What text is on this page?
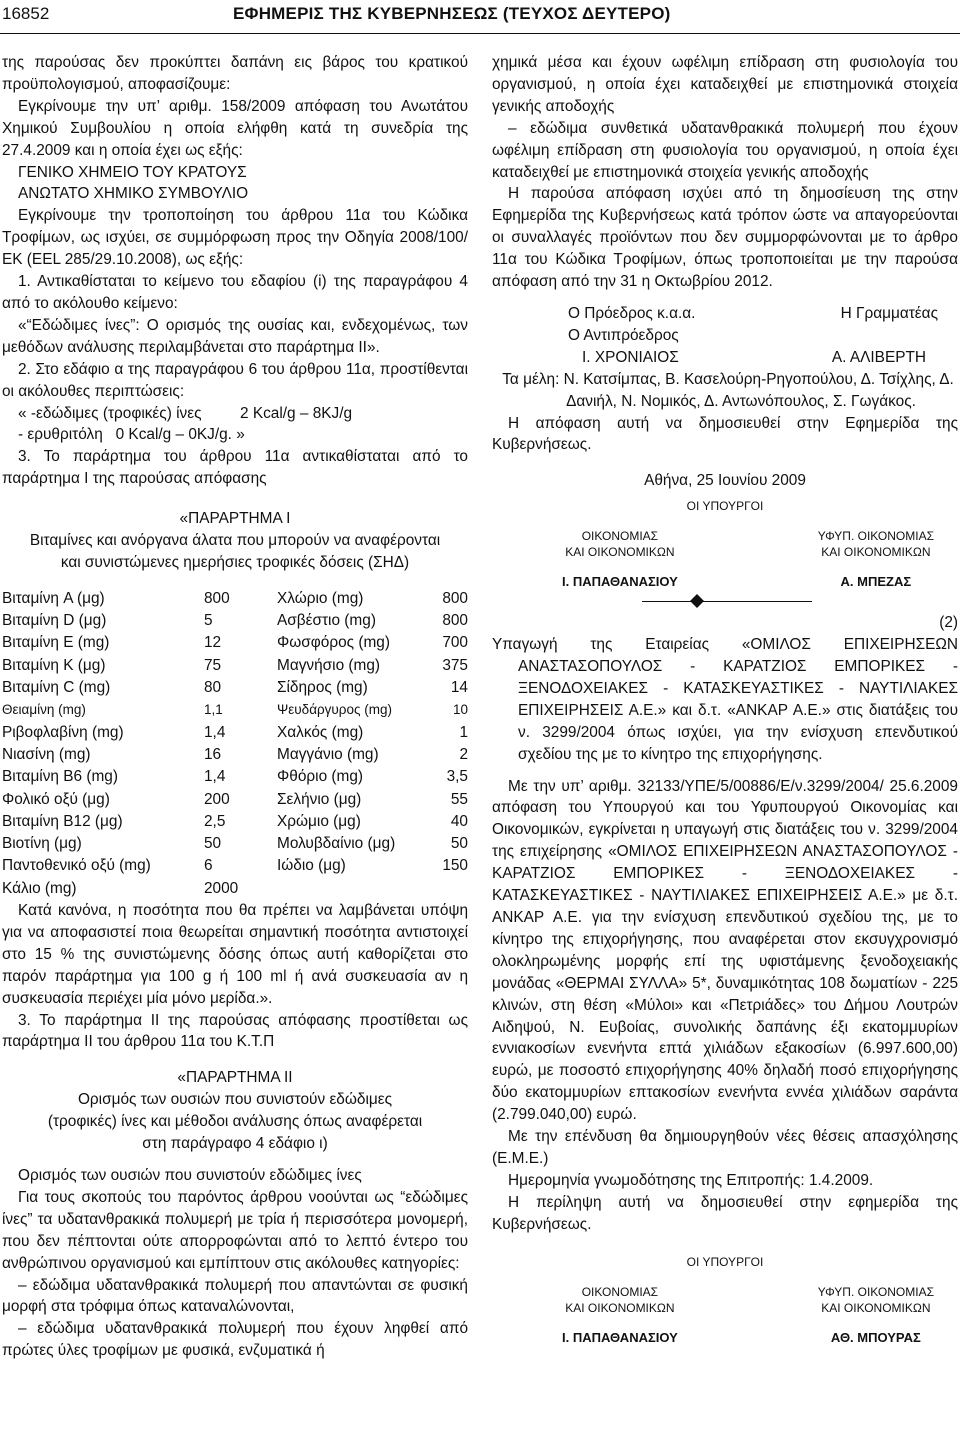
16852	ΕΦΗΜΕΡΙΣ ΤΗΣ ΚΥΒΕΡΝΗΣΕΩΣ (ΤΕΥΧΟΣ ΔΕΥΤΕΡΟ)

της παρούσας δεν προκύπτει δαπάνη εις βάρος του κρατικού προϋπολογισμού, αποφασίζουμε:

Εγκρίνουμε την υπ’ αριθμ. 158/2009 απόφαση του Ανωτάτου Χημικού Συμβουλίου η οποία ελήφθη κατά τη συνεδρία της 27.4.2009 και η οποία έχει ως εξής:

ΓΕΝΙΚΟ ΧΗΜΕΙΟ ΤΟΥ ΚΡΑΤΟΥΣ

ΑΝΩΤΑΤΟ ΧΗΜΙΚΟ ΣΥΜΒΟΥΛΙΟ

Εγκρίνουμε την τροποποίηση του άρθρου 11α του Κώδικα Τροφίμων, ως ισχύει, σε συμμόρφωση προς την Οδηγία 2008/100/ΕΚ (EEL 285/29.10.2008), ως εξής:

1. Αντικαθίσταται το κείμενο του εδαφίου (i) της παραγράφου 4 από το ακόλουθο κείμενο:

«“Εδώδιμες ίνες”: Ο ορισμός της ουσίας και, ενδεχομένως, των μεθόδων ανάλυσης περιλαμβάνεται στο παράρτημα ΙΙ».

2. Στο εδάφιο α της παραγράφου 6 του άρθρου 11α, προστίθενται οι ακόλουθες περιπτώσεις:

« -εδώδιμες (τροφικές) ίνες         2 Kcal/g – 8KJ/g

- ερυθριτόλη   0 Kcal/g – 0KJ/g. »

3. Το παράρτημα του άρθρου 11α αντικαθίσταται από το παράρτημα Ι της παρούσας απόφασης

«ΠΑΡΑΡΤΗΜΑ Ι

Βιταμίνες και ανόργανα άλατα που μπορούν να αναφέρονται και συνιστώμενες ημερήσιες τροφικές δόσεις (ΣΗΔ)

Βιταμίνη A (μg)	800	Χλώριο (mg)	800
Βιταμίνη D (μg)	5	Ασβέστιο (mg)	800
Βιταμίνη Ε (mg)	12	Φωσφόρος (mg)	700
Βιταμίνη Κ (μg)	75	Μαγνήσιο (mg)	375
Βιταμίνη C (mg)	80	Σίδηρος (mg)	14
Θειαμίνη (mg)	1,1	Ψευδάργυρος (mg)	10
Ριβοφλαβίνη (mg)	1,4	Χαλκός (mg)	1
Νιασίνη (mg)	16	Μαγγάνιο (mg)	2
Βιταμίνη Β6 (mg)	1,4	Φθόριο (mg)	3,5
Φολικό οξύ (μg)	200	Σελήνιο (μg)	55
Βιταμίνη Β12 (μg)	2,5	Χρώμιο (μg)	40
Βιοτίνη (μg)	50	Μολυβδαίνιο (μg)	50
Παντοθενικό οξύ (mg)	6	Ιώδιο (μg)	150
Κάλιο (mg)	2000		

Κατά κανόνα, η ποσότητα που θα πρέπει να λαμβάνεται υπόψη για να αποφασιστεί ποια θεωρείται σημαντική ποσότητα αντιστοιχεί στο 15 % της συνιστώμενης δόσης όπως αυτή καθορίζεται στο παρόν παράρτημα για 100 g ή 100 ml ή ανά συσκευασία αν η συσκευασία περιέχει μία μόνο μερίδα.».

3. Το παράρτημα ΙΙ της παρούσας απόφασης προστίθεται ως παράρτημα ΙΙ του άρθρου 11α του Κ.Τ.Π

«ΠΑΡΑΡΤΗΜΑ ΙΙ

Ορισμός των ουσιών που συνιστούν εδώδιμες (τροφικές) ίνες και μέθοδοι ανάλυσης όπως αναφέρεται στη παράγραφο 4 εδάφιο ι)

Ορισμός των ουσιών που συνιστούν εδώδιμες ίνες

Για τους σκοπούς του παρόντος άρθρου νοούνται ως “εδώδιμες ίνες” τα υδατανθρακικά πολυμερή με τρία ή περισσότερα μονομερή, που δεν πέπτονται ούτε απορροφώνται από το λεπτό έντερο του ανθρώπινου οργανισμού και εμπίπτουν στις ακόλουθες κατηγορίες:

– εδώδιμα υδατανθρακικά πολυμερή που απαντώνται σε φυσική μορφή στα τρόφιμα όπως καταναλώνονται,

– εδώδιμα υδατανθρακικά πολυμερή που έχουν ληφθεί από πρώτες ύλες τροφίμων με φυσικά, ενζυματικά ή

χημικά μέσα και έχουν ωφέλιμη επίδραση στη φυσιολογία του οργανισμού, η οποία έχει καταδειχθεί με επιστημονικά στοιχεία γενικής αποδοχής

– εδώδιμα συνθετικά υδατανθρακικά πολυμερή που έχουν ωφέλιμη επίδραση στη φυσιολογία του οργανισμού, η οποία έχει καταδειχθεί με επιστημονικά στοιχεία γενικής αποδοχής

Η παρούσα απόφαση ισχύει από τη δημοσίευση της στην Εφημερίδα της Κυβερνήσεως κατά τρόπον ώστε να απαγορεύονται οι συναλλαγές προϊόντων που δεν συμμορφώνονται με το άρθρο 11α του Κώδικα Τροφίμων, όπως τροποποιείται με την παρούσα απόφαση από την 31 η Οκτωβρίου 2012.

Ο Πρόεδρος κ.α.α.	Η Γραμματέας
Ο Αντιπρόεδρος
Ι. ΧΡΟΝΙΑΙΟΣ	Α. ΑΛΙΒΕΡΤΗ

Τα μέλη: Ν. Κατσίμπας, Β. Κασελούρη-Ρηγοπούλου, Δ. Τσίχλης, Δ. Δανιήλ, Ν. Νομικός, Δ. Αντωνόπουλος, Σ. Γωγάκος.

Η απόφαση αυτή να δημοσιευθεί στην Εφημερίδα της Κυβερνήσεως.

Αθήνα, 25 Ιουνίου 2009

ΟΙ ΥΠΟΥΡΓΟΙ

ΟΙΚΟΝΟΜΙΑΣ
ΚΑΙ ΟΙΚΟΝΟΜΙΚΩΝ
Ι. ΠΑΠΑΘΑΝΑΣΙΟΥ
ΥΦΥΠ. ΟΙΚΟΝΟΜΙΑΣ
ΚΑΙ ΟΙΚΟΝΟΜΙΚΩΝ
Α. ΜΠΕΖΑΣ

(2)

Υπαγωγή της Εταιρείας «ΟΜΙΛΟΣ ΕΠΙΧΕΙΡΗΣΕΩΝ ΑΝΑΣΤΑΣΟΠΟΥΛΟΣ - ΚΑΡΑΤΖΙΟΣ ΕΜΠΟΡΙΚΕΣ - ΞΕΝΟΔΟΧΕΙΑΚΕΣ - ΚΑΤΑΣΚΕΥΑΣΤΙΚΕΣ - ΝΑΥΤΙΛΙΑΚΕΣ ΕΠΙΧΕΙΡΗΣΕΙΣ Α.Ε.» και δ.τ. «ΑΝΚΑΡ Α.Ε.» στις διατάξεις του ν. 3299/2004 όπως ισχύει, για την ενίσχυση επενδυτικού σχεδίου της με το κίνητρο της επιχορήγησης.

Με την υπ’ αριθμ. 32133/ΥΠΕ/5/00886/Ε/ν.3299/2004/ 25.6.2009 απόφαση του Υπουργού και του Υφυπουργού Οικονομίας και Οικονομικών, εγκρίνεται η υπαγωγή στις διατάξεις του ν. 3299/2004 της επιχείρησης «ΟΜΙΛΟΣ ΕΠΙΧΕΙΡΗΣΕΩΝ ΑΝΑΣΤΑΣΟΠΟΥΛΟΣ - ΚΑΡΑΤΖΙΟΣ ΕΜΠΟΡΙΚΕΣ - ΞΕΝΟΔΟΧΕΙΑΚΕΣ - ΚΑΤΑΣΚΕΥΑΣΤΙΚΕΣ - ΝΑΥΤΙΛΙΑΚΕΣ ΕΠΙΧΕΙΡΗΣΕΙΣ Α.Ε.» με δ.τ. ΑΝΚΑΡ Α.Ε. για την ενίσχυση επενδυτικού σχεδίου της, με το κίνητρο της επιχορήγησης, που αναφέρεται στον εκσυγχρονισμό ολοκληρωμένης μορφής επί της υφιστάμενης ξενοδοχειακής μονάδας «ΘΕΡΜΑΙ ΣΥΛΛΑ» 5*, δυναμικότητας 108 δωματίων - 225 κλινών, στη θέση «Μύλοι» και «Πετριάδες» του Δήμου Λουτρών Αιδηψού, Ν. Ευβοίας, συνολικής δαπάνης έξι εκατομμυρίων εννιακοσίων ενενήντα επτά χιλιάδων εξακοσίων (6.997.600,00) ευρώ, με ποσοστό επιχορήγησης 40% δηλαδή ποσό επιχορήγησης δύο εκατομμυρίων επτακοσίων ενενήντα εννέα χιλιάδων σαράντα (2.799.040,00) ευρώ.

Με την επένδυση θα δημιουργηθούν νέες θέσεις απασχόλησης (Ε.Μ.Ε.)

Ημερομηνία γνωμοδότησης της Επιτροπής: 1.4.2009.

Η περίληψη αυτή να δημοσιευθεί στην εφημερίδα της Κυβερνήσεως.

ΟΙ ΥΠΟΥΡΓΟΙ

ΟΙΚΟΝΟΜΙΑΣ
ΚΑΙ ΟΙΚΟΝΟΜΙΚΩΝ
Ι. ΠΑΠΑΘΑΝΑΣΙΟΥ
ΥΦΥΠ. ΟΙΚΟΝΟΜΙΑΣ
ΚΑΙ ΟΙΚΟΝΟΜΙΚΩΝ
ΑΘ. ΜΠΟΥΡΑΣ
